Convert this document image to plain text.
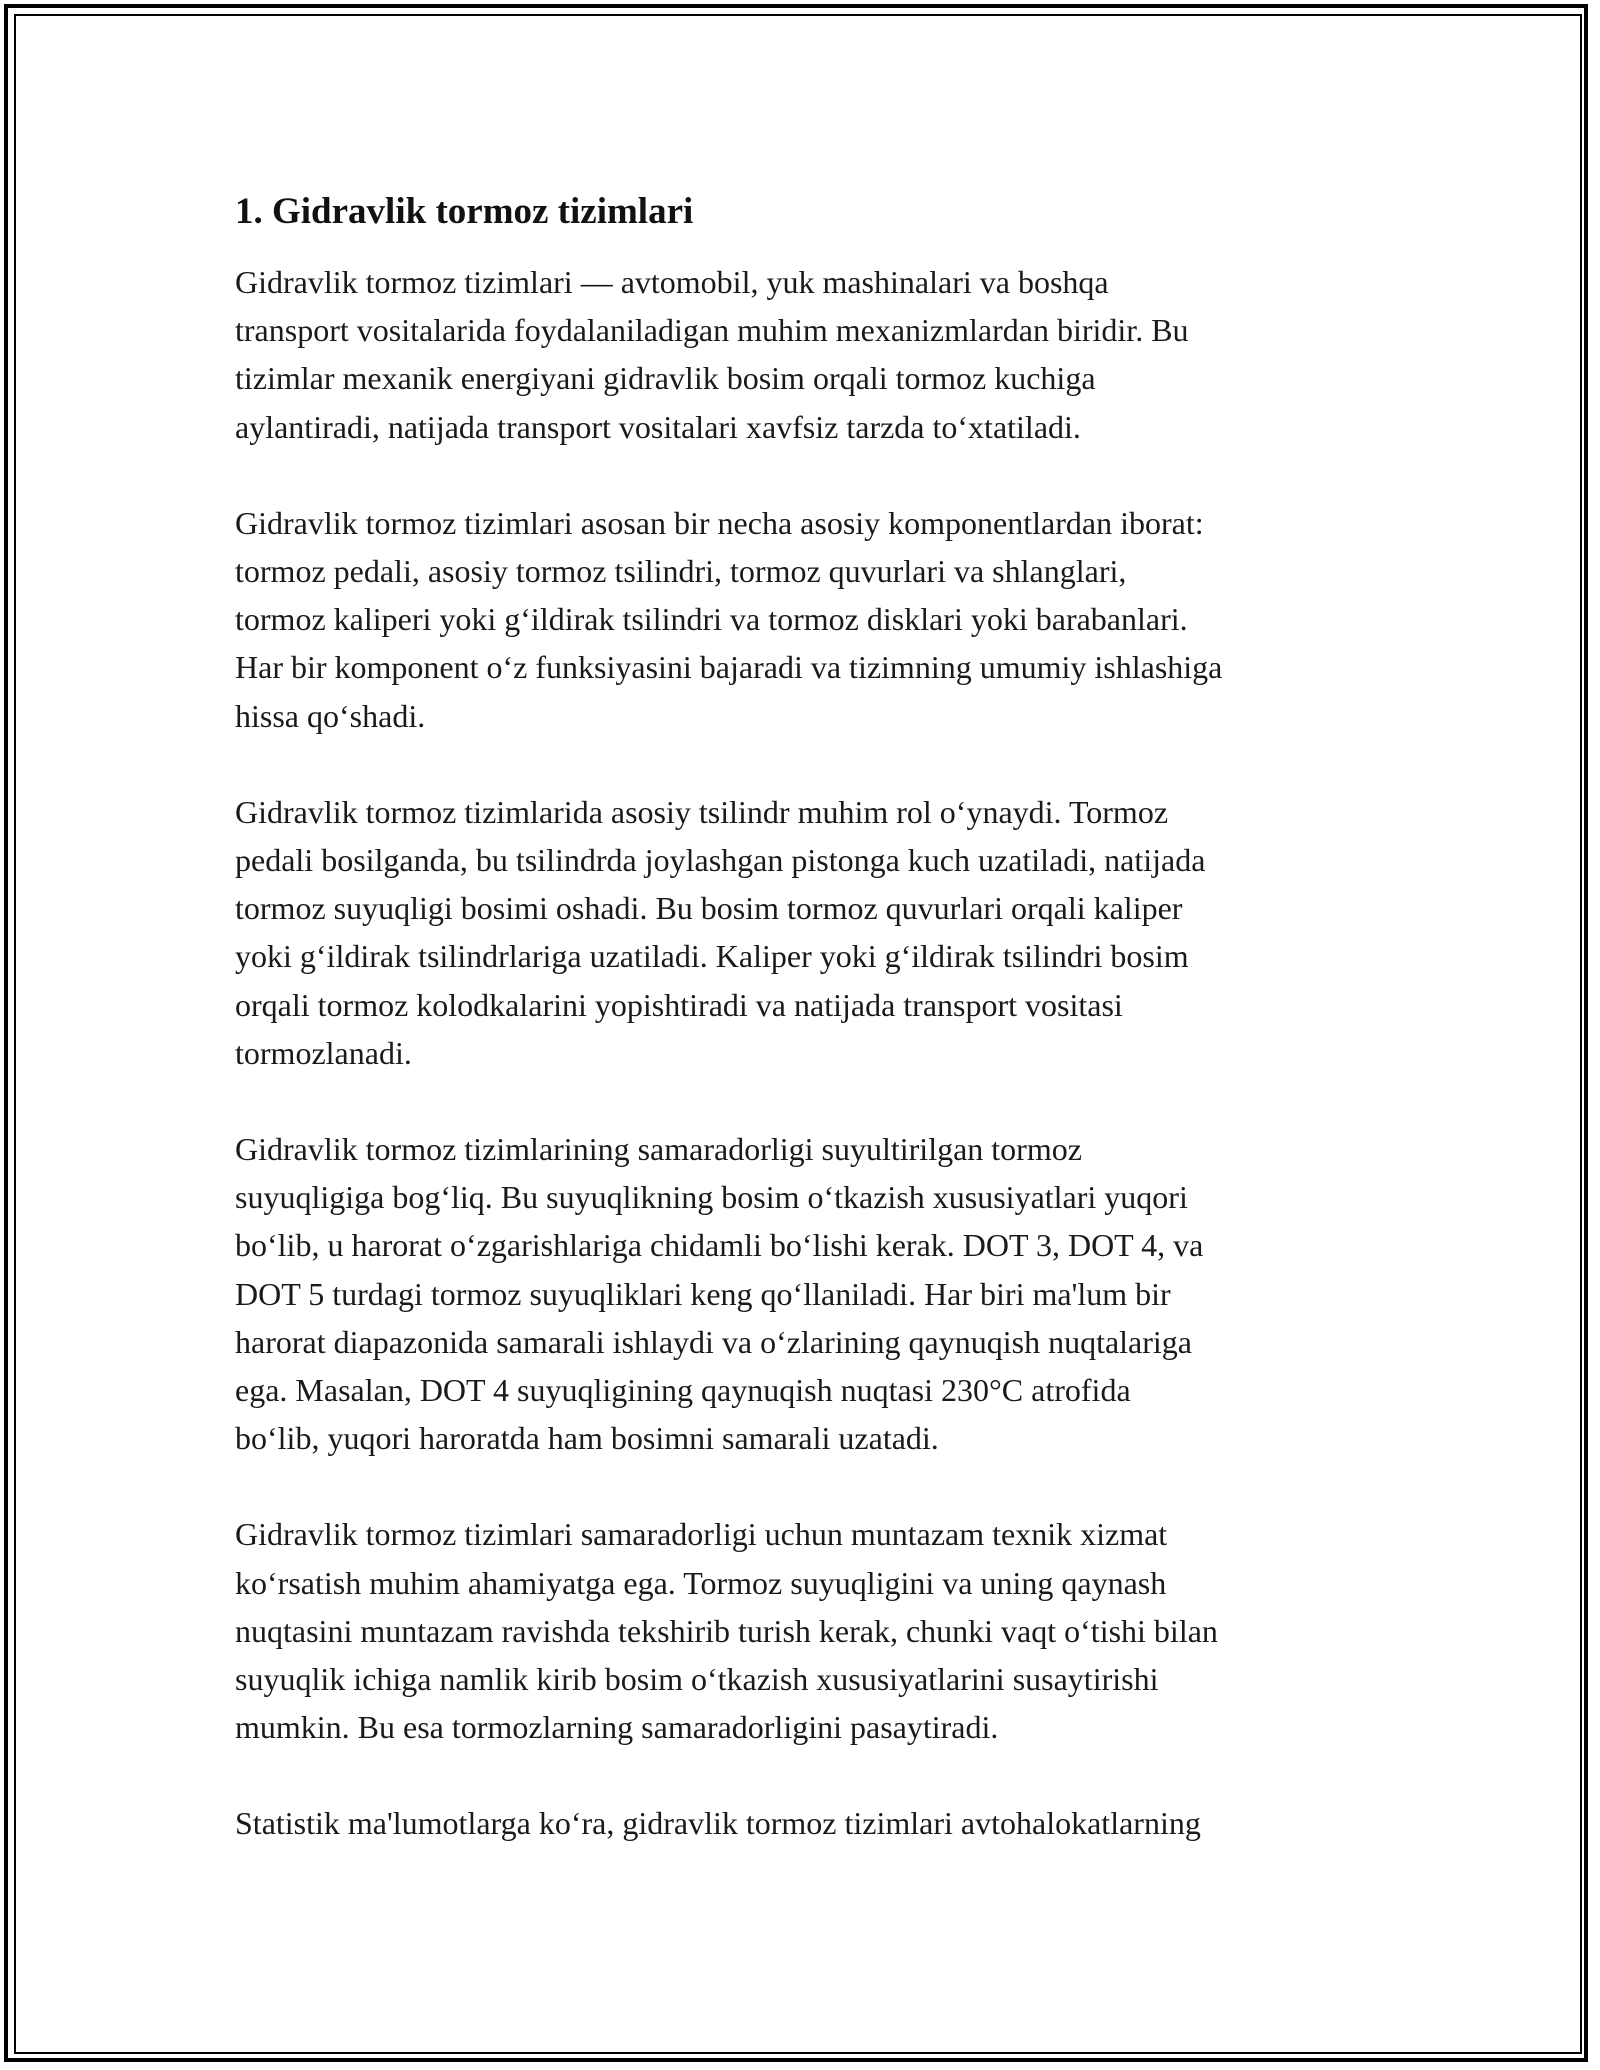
1. Gidravlik tormoz tizimlari
Gidravlik tormoz tizimlari — avtomobil, yuk mashinalari va boshqa
transport vositalarida foydalaniladigan muhim mexanizmlardan biridir. Bu
tizimlar mexanik energiyani gidravlik bosim orqali tormoz kuchiga
aylantiradi, natijada transport vositalari xavfsiz tarzda to‘xtatiladi.
Gidravlik tormoz tizimlari asosan bir necha asosiy komponentlardan iborat:
tormoz pedali, asosiy tormoz tsilindri, tormoz quvurlari va shlanglari,
tormoz kaliperi yoki g‘ildirak tsilindri va tormoz disklari yoki barabanlari.
Har bir komponent o‘z funksiyasini bajaradi va tizimning umumiy ishlashiga
hissa qo‘shadi.
Gidravlik tormoz tizimlarida asosiy tsilindr muhim rol o‘ynaydi. Tormoz
pedali bosilganda, bu tsilindrda joylashgan pistonga kuch uzatiladi, natijada
tormoz suyuqligi bosimi oshadi. Bu bosim tormoz quvurlari orqali kaliper
yoki g‘ildirak tsilindrlariga uzatiladi. Kaliper yoki g‘ildirak tsilindri bosim
orqali tormoz kolodkalarini yopishtiradi va natijada transport vositasi
tormozlanadi.
Gidravlik tormoz tizimlarining samaradorligi suyultirilgan tormoz
suyuqligiga bog‘liq. Bu suyuqlikning bosim o‘tkazish xususiyatlari yuqori
bo‘lib, u harorat o‘zgarishlariga chidamli bo‘lishi kerak. DOT 3, DOT 4, va
DOT 5 turdagi tormoz suyuqliklari keng qo‘llaniladi. Har biri ma'lum bir
harorat diapazonida samarali ishlaydi va o‘zlarining qaynuqish nuqtalariga
ega. Masalan, DOT 4 suyuqligining qaynuqish nuqtasi 230°C atrofida
bo‘lib, yuqori haroratda ham bosimni samarali uzatadi.
Gidravlik tormoz tizimlari samaradorligi uchun muntazam texnik xizmat
ko‘rsatish muhim ahamiyatga ega. Tormoz suyuqligini va uning qaynash
nuqtasini muntazam ravishda tekshirib turish kerak, chunki vaqt o‘tishi bilan
suyuqlik ichiga namlik kirib bosim o‘tkazish xususiyatlarini susaytirishi
mumkin. Bu esa tormozlarning samaradorligini pasaytiradi.
Statistik ma'lumotlarga ko‘ra, gidravlik tormoz tizimlari avtohalokatlarning
